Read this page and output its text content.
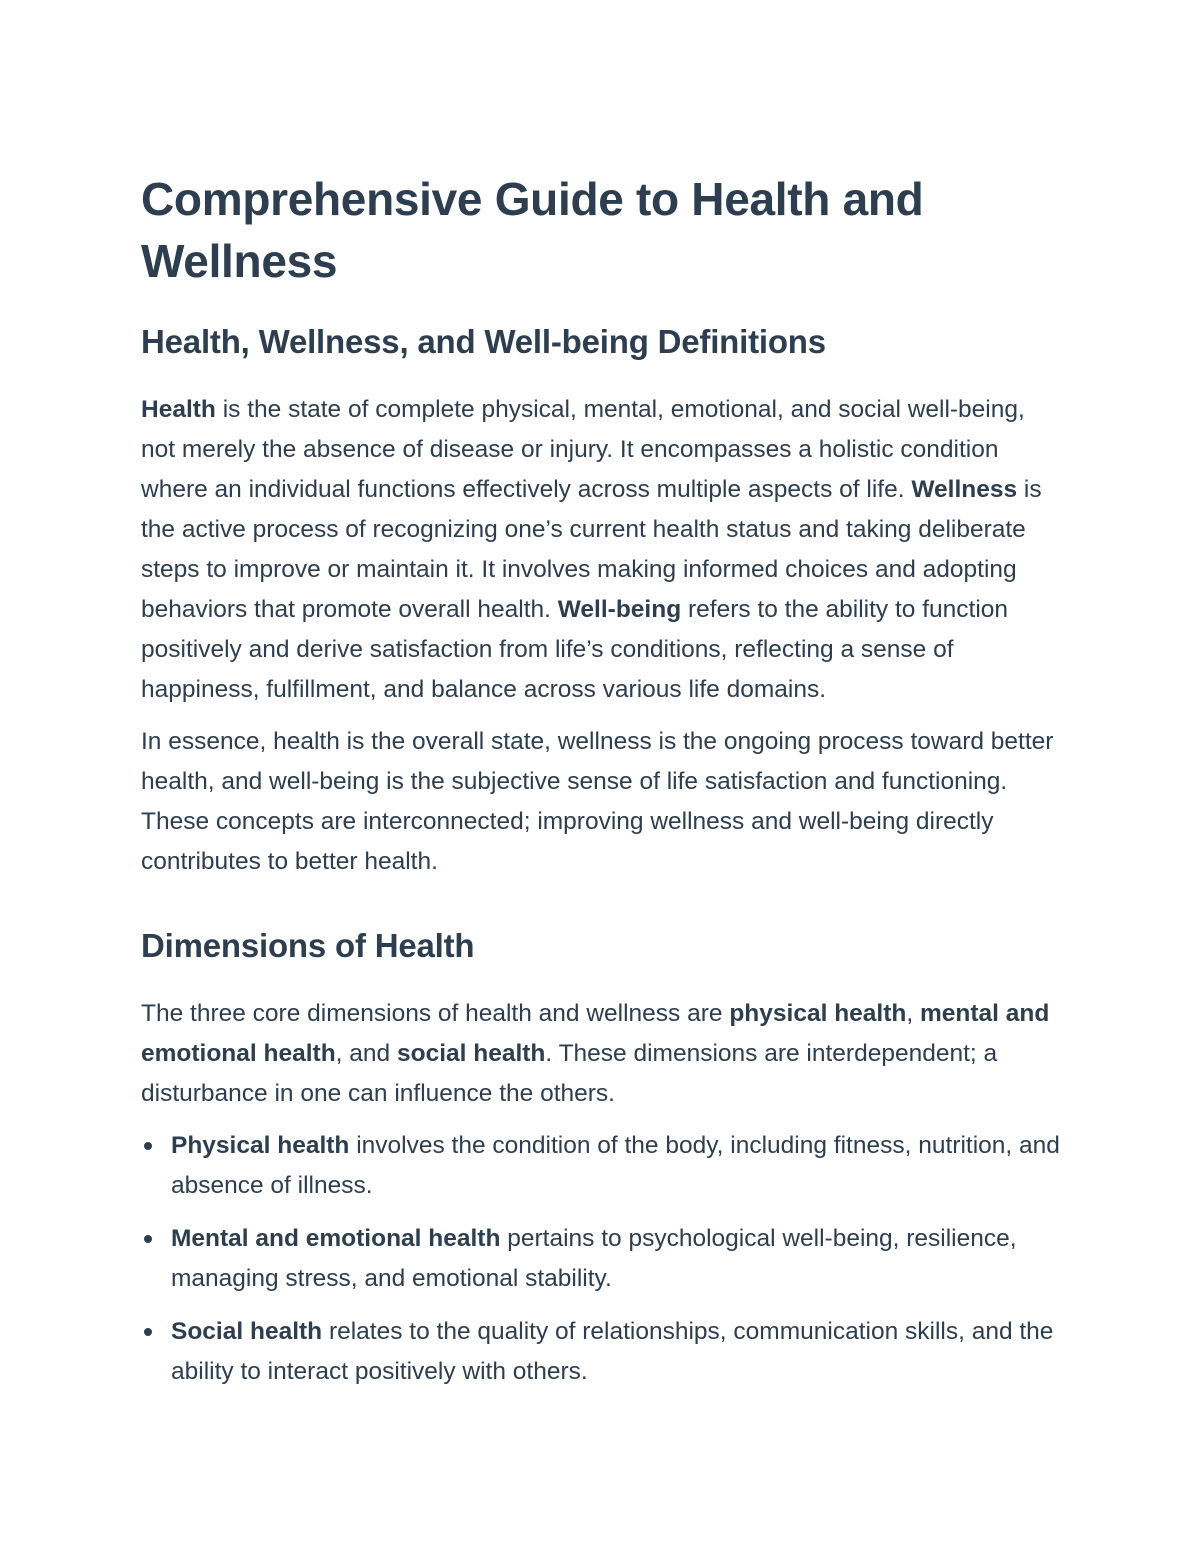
Comprehensive Guide to Health and Wellness
Health, Wellness, and Well-being Definitions

Health is the state of complete physical, mental, emotional, and social well-being, not merely the absence of disease or injury. It encompasses a holistic condition where an individual functions effectively across multiple aspects of life. Wellness is the active process of recognizing one’s current health status and taking deliberate steps to improve or maintain it. It involves making informed choices and adopting behaviors that promote overall health. Well-being refers to the ability to function positively and derive satisfaction from life’s conditions, reflecting a sense of happiness, fulfillment, and balance across various life domains.

In essence, health is the overall state, wellness is the ongoing process toward better health, and well-being is the subjective sense of life satisfaction and functioning. These concepts are interconnected; improving wellness and well-being directly contributes to better health.

Dimensions of Health

The three core dimensions of health and wellness are physical health, mental and emotional health, and social health. These dimensions are interdependent; a disturbance in one can influence the others.

Physical health involves the condition of the body, including fitness, nutrition, and absence of illness.
Mental and emotional health pertains to psychological well-being, resilience, managing stress, and emotional stability.
Social health relates to the quality of relationships, communication skills, and the ability to interact positively with others.
